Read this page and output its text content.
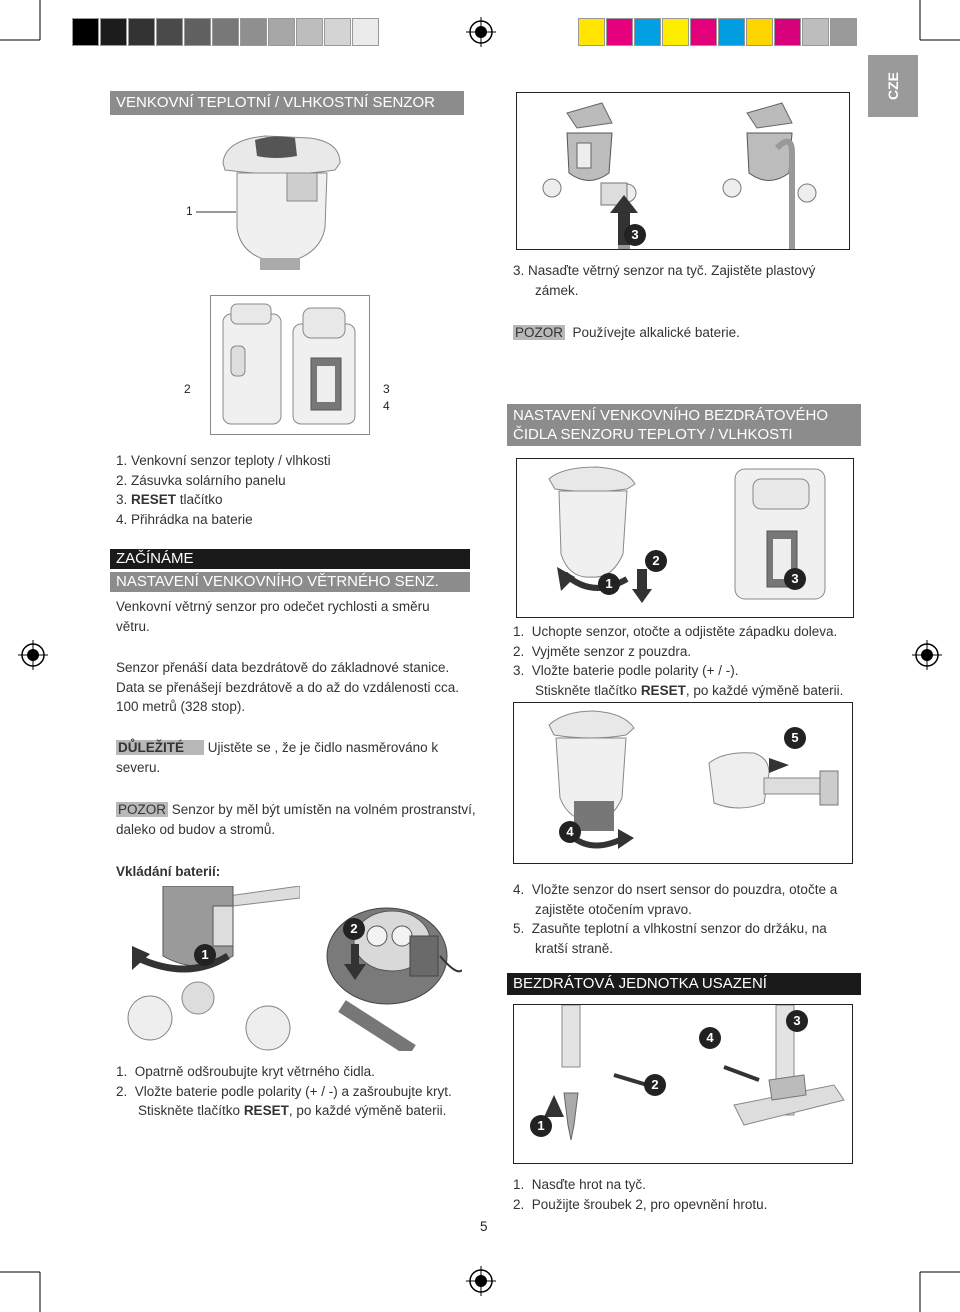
CZE
VENKOVNÍ TEPLOTNÍ / VLHKOSTNÍ SENZOR
1
2	3
4
1. Venkovní senzor teploty / vlhkosti
2. Zásuvka solárního panelu
3. RESET tlačítko
4. Přihrádka na baterie
ZAČÍNÁME
NASTAVENÍ VENKOVNÍHO VĚTRNÉHO SENZ.
Venkovní větrný senzor pro odečet rychlosti a směru
větru.
Senzor přenáší data bezdrátově do základnové stanice.
Data se přenášejí bezdrátově a do až do vzdálenosti cca.
100 metrů (328 stop).
DŮLEŽITÉ Ujistěte se , že je čidlo nasměrováno k
severu.
POZOR Senzor by měl být umístěn na volném prostranství,
daleko od budov a stromů.
Vkládání baterií:
1
2
1. Opatrně odšroubujte kryt větrného čidla.
2. Vložte baterie podle polarity (+ / -) a zašroubujte kryt.
Stiskněte tlačítko RESET, po každé výměně baterii.
3
3. Nasaďte větrný senzor na tyč. Zajistěte plastový
zámek.
POZOR Používejte alkalické baterie.
NASTAVENÍ VENKOVNÍHO BEZDRÁTOVÉHO
ČIDLA SENZORU TEPLOTY / VLHKOSTI
1
2
3
1. Uchopte senzor, otočte a odjistěte západku doleva.
2. Vyjměte senzor z pouzdra.
3. Vložte baterie podle polarity (+ / -).
Stiskněte tlačítko RESET, po každé výměně baterii.
4
5
4. Vložte senzor do nsert sensor do pouzdra, otočte a
zajistěte otočením vpravo.
5. Zasuňte teplotní a vlhkostní senzor do držáku, na
kratší straně.
BEZDRÁTOVÁ JEDNOTKA USAZENÍ
1
2
3
4
1. Nasďte hrot na tyč.
2. Použijte šroubek 2, pro opevnění hrotu.
5
